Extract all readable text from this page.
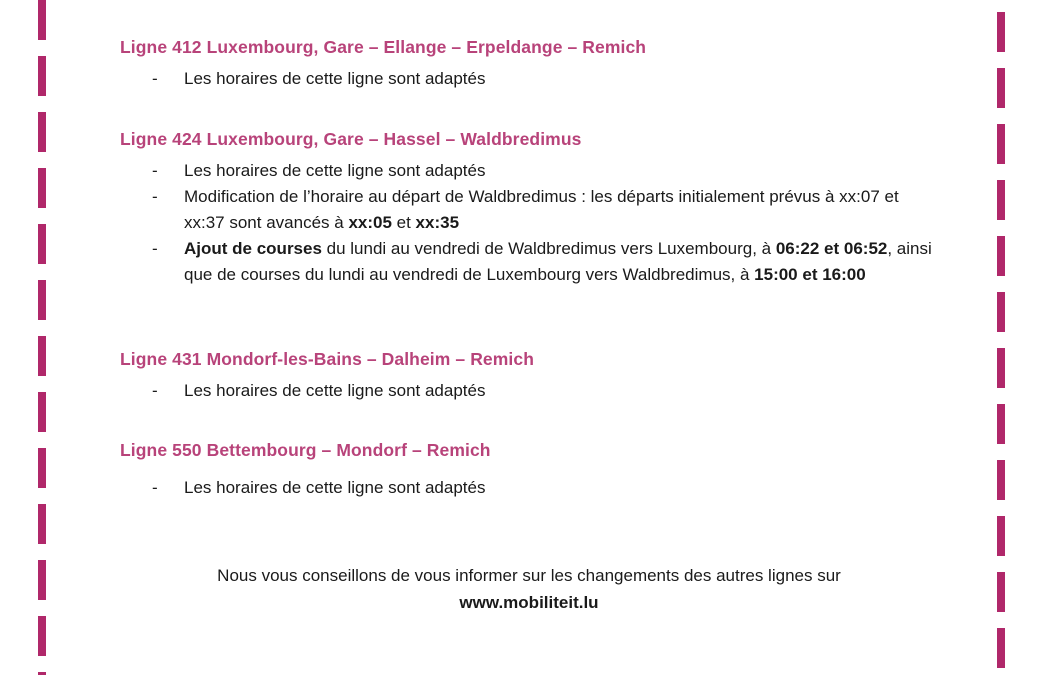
Ligne 412 Luxembourg, Gare – Ellange – Erpeldange – Remich
- Les horaires de cette ligne sont adaptés
Ligne 424 Luxembourg, Gare – Hassel – Waldbredimus
- Les horaires de cette ligne sont adaptés
- Modification de l’horaire au départ de Waldbredimus : les départs initialement prévus à xx:07 et xx:37 sont avancés à xx:05 et xx:35
- Ajout de courses du lundi au vendredi de Waldbredimus vers Luxembourg, à 06:22 et 06:52, ainsi que de courses du lundi au vendredi de Luxembourg vers Waldbredimus, à 15:00 et 16:00
Ligne 431 Mondorf-les-Bains – Dalheim – Remich
- Les horaires de cette ligne sont adaptés
Ligne 550 Bettembourg – Mondorf – Remich
- Les horaires de cette ligne sont adaptés
Nous vous conseillons de vous informer sur les changements des autres lignes sur
www.mobiliteit.lu
